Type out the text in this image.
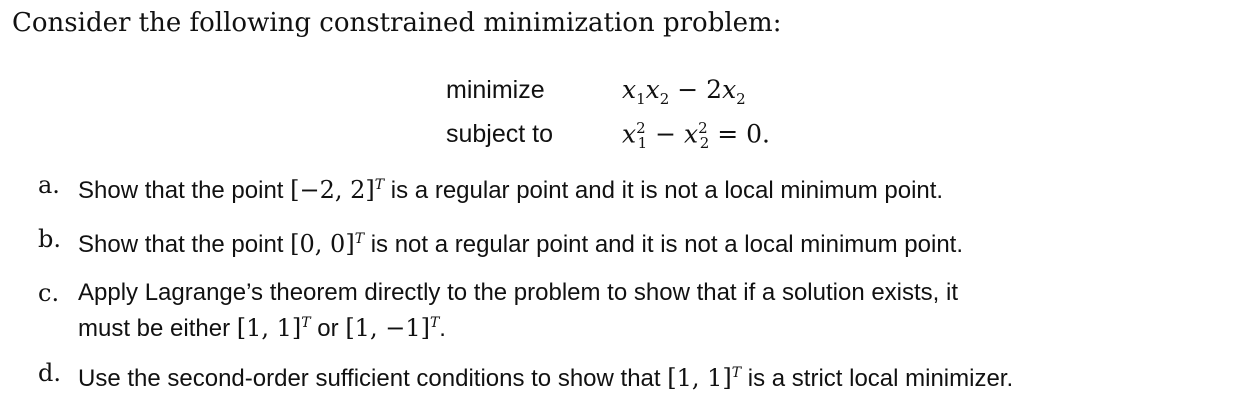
Consider the following constrained minimization problem:
minimize	$x_1x_2 - 2x_2$
subject to	$x^2_1 - x^2_2 = 0$.
a. Show that the point [−2, 2]$^T$ is a regular point and it is not a local minimum point.
b. Show that the point [0, 0]$^T$ is not a regular point and it is not a local minimum point.
c. Apply Lagrange’s theorem directly to the problem to show that if a solution exists, it
must be either [1, 1]$^T$ or [1, −1]$^T$.
d. Use the second-order sufficient conditions to show that [1, 1]$^T$ is a strict local minimizer.
